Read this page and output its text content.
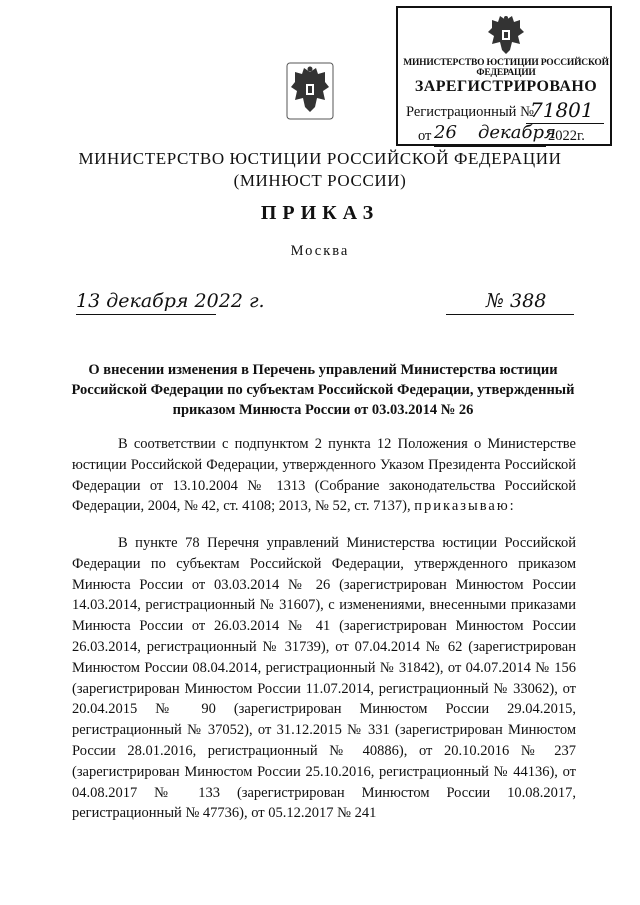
МИНИСТЕРСТВО ЮСТИЦИИ РОССИЙСКОЙ ФЕДЕРАЦИИ
ЗАРЕГИСТРИРОВАНО
Регистрационный №
71801
от 26 декабря
2022г.
МИНИСТЕРСТВО ЮСТИЦИИ РОССИЙСКОЙ ФЕДЕРАЦИИ
(МИНЮСТ РОССИИ)
ПРИКАЗ
Москва
13 декабря 2022 г.	№ 388
О внесении изменения в Перечень управлений Министерства юстиции Российской Федерации по субъектам Российской Федерации, утвержденный приказом Минюста России от 03.03.2014 № 26

В соответствии с подпунктом 2 пункта 12 Положения о Министерстве юстиции Российской Федерации, утвержденного Указом Президента Российской Федерации от 13.10.2004 № 1313 (Собрание законодательства Российской Федерации, 2004, № 42, ст. 4108; 2013, № 52, ст. 7137), приказываю:

В пункте 78 Перечня управлений Министерства юстиции Российской Федерации по субъектам Российской Федерации, утвержденного приказом Минюста России от 03.03.2014 № 26 (зарегистрирован Минюстом России 14.03.2014, регистрационный № 31607), с изменениями, внесенными приказами Минюста России от 26.03.2014 № 41 (зарегистрирован Минюстом России 26.03.2014, регистрационный № 31739), от 07.04.2014 № 62 (зарегистрирован Минюстом России 08.04.2014, регистрационный № 31842), от 04.07.2014 № 156 (зарегистрирован Минюстом России 11.07.2014, регистрационный № 33062), от 20.04.2015 № 90 (зарегистрирован Минюстом России 29.04.2015, регистрационный № 37052), от 31.12.2015 № 331 (зарегистрирован Минюстом России 28.01.2016, регистрационный № 40886), от 20.10.2016 № 237 (зарегистрирован Минюстом России 25.10.2016, регистрационный № 44136), от 04.08.2017 № 133 (зарегистрирован Минюстом России 10.08.2017, регистрационный № 47736), от 05.12.2017 № 241
